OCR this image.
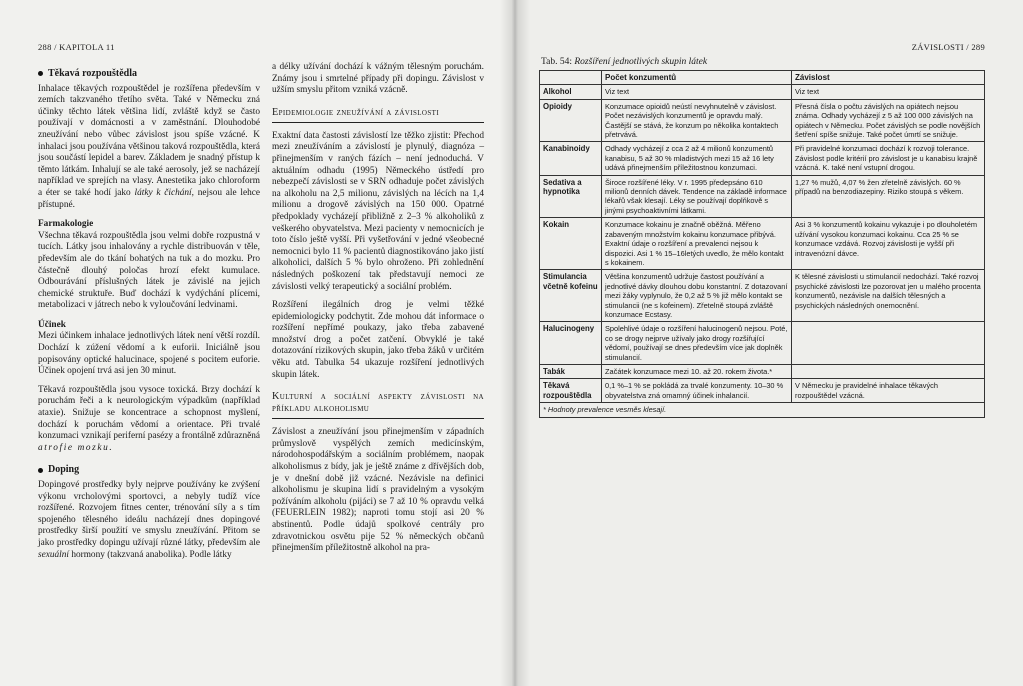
288 / KAPITOLA 11
Těkavá rozpouštědla

Inhalace těkavých rozpouštědel je rozšířena především v zemích takzvaného třetího světa. Také v Německu zná účinky těchto látek většina lidí, zvláště když se často používají v domácnosti a v zaměstnání. Dlouhodobé zneužívání nebo vůbec závislost jsou spíše vzácné. K inhalaci jsou používána většinou taková rozpouštědla, která jsou součástí lepidel a barev. Základem je snadný přístup k těmto látkám. Inhalují se ale také aerosoly, jež se nacházejí například ve sprejích na vlasy. Anestetika jako chloroform a éter se také hodí jako látky k čichání, nejsou ale lehce přístupné.

Farmakologie

Všechna těkavá rozpouštědla jsou velmi dobře rozpustná v tucích. Látky jsou inhalovány a rychle distribuován v těle, především ale do tkání bohatých na tuk a do mozku. Pro částečně dlouhý poločas hrozí efekt kumulace. Odbourávání příslušných látek je závislé na jejich chemické struktuře. Buď dochází k vydýchání plícemi, metabolizaci v játrech nebo k vyloučování ledvinami.

Účinek

Mezi účinkem inhalace jednotlivých látek není větší rozdíl. Dochází k zúžení vědomí a k euforii. Iniciálně jsou popisovány optické halucinace, spojené s pocitem euforie. Účinek opojení trvá asi jen 30 minut.

Těkavá rozpouštědla jsou vysoce toxická. Brzy dochází k poruchám řeči a k neurologickým výpadkům (například ataxie). Snižuje se koncentrace a schopnost myšlení, dochází k poruchám vědomí a orientace. Při trvalé konzumaci vznikají periferní pasézy a frontálně zdůrazněná atrofie mozku.

Doping

Dopingové prostředky byly nejprve používány ke zvýšení výkonu vrcholovými sportovci, a nebyly tudíž více rozšířené. Rozvojem fitnes center, trénování síly a s tím spojeného tělesného ideálu nacházejí dnes dopingové prostředky širší použití ve smyslu zneužívání. Přitom se jako prostředky dopingu užívají různé látky, především ale sexuální hormony (takzvaná anabolika). Podle látky

a délky užívání dochází k vážným tělesným poruchám. Známy jsou i smrtelné případy při dopingu. Závislost v užším smyslu přitom vzniká vzácně.

Epidemiologie zneužívání a závislosti

Exaktní data častosti závislostí lze těžko zjistit: Přechod mezi zneužíváním a závislostí je plynulý, diagnóza – přinejmenším v raných fázích – není jednoduchá. V aktuálním odhadu (1995) Německého ústředí pro nebezpečí závislosti se v SRN odhaduje počet závislých na alkoholu na 2,5 milionu, závislých na lécích na 1,4 milionu a drogově závislých na 150 000. Opatrné předpoklady vycházejí přibližně z 2–3 % alkoholiků z veškerého obyvatelstva. Mezi pacienty v nemocnicích je toto číslo ještě vyšší. Při vyšetřování v jedné všeobecné nemocnici bylo 11 % pacientů diagnostikováno jako jistí alkoholici, dalších 5 % bylo ohroženo. Při zohlednění následných poškození tak představují nemoci ze závislosti velký terapeutický a sociální problém.

Rozšíření ilegálních drog je velmi těžké epidemiologicky podchytit. Zde mohou dát informace o rozšíření nepřímé poukazy, jako třeba zabavené množství drog a počet zatčení. Obvyklé je také dotazování rizikových skupin, jako třeba žáků v určitém věku atd. Tabulka 54 ukazuje rozšíření jednotlivých skupin látek.

Kulturní a sociální aspekty závislosti na příkladu alkoholismu

Závislost a zneužívání jsou přinejmenším v západních průmyslově vyspělých zemích medicínským, národohospodářským a sociálním problémem, naopak alkoholismus z bídy, jak je ještě známe z dřívějších dob, je v dnešní době již vzácné. Nezávisle na definici alkoholismu je skupina lidí s pravidelným a vysokým požíváním alkoholu (pijáci) se 7 až 10 % opravdu velká (FEUERLEIN 1982); naproti tomu stojí asi 20 % abstinentů. Podle údajů spolkové centrály pro zdravotnickou osvětu pije 52 % německých občanů přinejmenším příležitostně alkohol na pra-

ZÁVISLOSTI / 289
Tab. 54: Rozšíření jednotlivých skupin látek
	Počet konzumentů	Závislost
Alkohol	Viz text	Viz text
Opioidy	Konzumace opioidů neústí nevyhnutelně v závislost. Počet nezávislých konzumentů je opravdu malý. Častější se stává, že konzum po několika kontaktech přetrvává.	Přesná čísla o počtu závislých na opiátech nejsou známa. Odhady vycházejí z 5 až 100 000 závislých na opiátech v Německu. Počet závislých se podle novějších šetření spíše snižuje. Také počet úmrtí se snižuje.
Kanabinoidy	Odhady vycházejí z cca 2 až 4 milionů konzumentů kanabisu, 5 až 30 % mladistvých mezi 15 až 16 lety udává přinejmenším příležitostnou konzumaci.	Při pravidelné konzumaci dochází k rozvoji tolerance. Závislost podle kritérií pro závislost je u kanabisu krajně vzácná. K. také není vstupní drogou.
Sedativa a hypnotika	Široce rozšířené léky. V r. 1995 předepsáno 610 milionů denních dávek. Tendence na základě informace lékařů však klesají. Léky se používají doplňkově s jinými psychoaktivními látkami.	1,27 % mužů, 4,07 % žen zřetelně závislých. 60 % případů na benzodiazepiny. Riziko stoupá s věkem.
Kokain	Konzumace kokainu je značně oběžná. Měřeno zabaveným množstvím kokainu konzumace přibývá. Exaktní údaje o rozšíření a prevalenci nejsou k dispozici. Asi 1 % 15–16letých uvedlo, že mělo kontakt s kokainem.	Asi 3 % konzumentů kokainu vykazuje i po dlouholetém užívání vysokou konzumaci kokainu. Cca 25 % se konzumace vzdává. Rozvoj závislosti je vyšší při intravenózní dávce.
Stimulancia včetně kofeinu	Většina konzumentů udržuje častost používání a jednotlivé dávky dlouhou dobu konstantní. Z dotazovaní mezi žáky vyplynulo, že 0,2 až 5 % již mělo kontakt se stimulancii (ne s kofeinem). Zřetelně stoupá zvláště konzumace Ecstasy.	K tělesné závislosti u stimulancií nedochází. Také rozvoj psychické závislosti lze pozorovat jen u malého procenta konzumentů, nezávisle na dalších tělesných a psychických následných onemocnění.
Halucinogeny	Spolehlivé údaje o rozšíření halucinogenů nejsou. Poté, co se drogy nejprve užívaly jako drogy rozšiřující vědomí, používají se dnes především více jak doplněk stimulancií.	
Tabák	Začátek konzumace mezi 10. až 20. rokem života.*	
Těkavá rozpouštědla	0,1 %–1 % se pokládá za trvalé konzumenty. 10–30 % obyvatelstva zná omamný účinek inhalancií.	V Německu je pravidelné inhalace těkavých rozpouštědel vzácná.
* Hodnoty prevalence vesměs klesají.		
